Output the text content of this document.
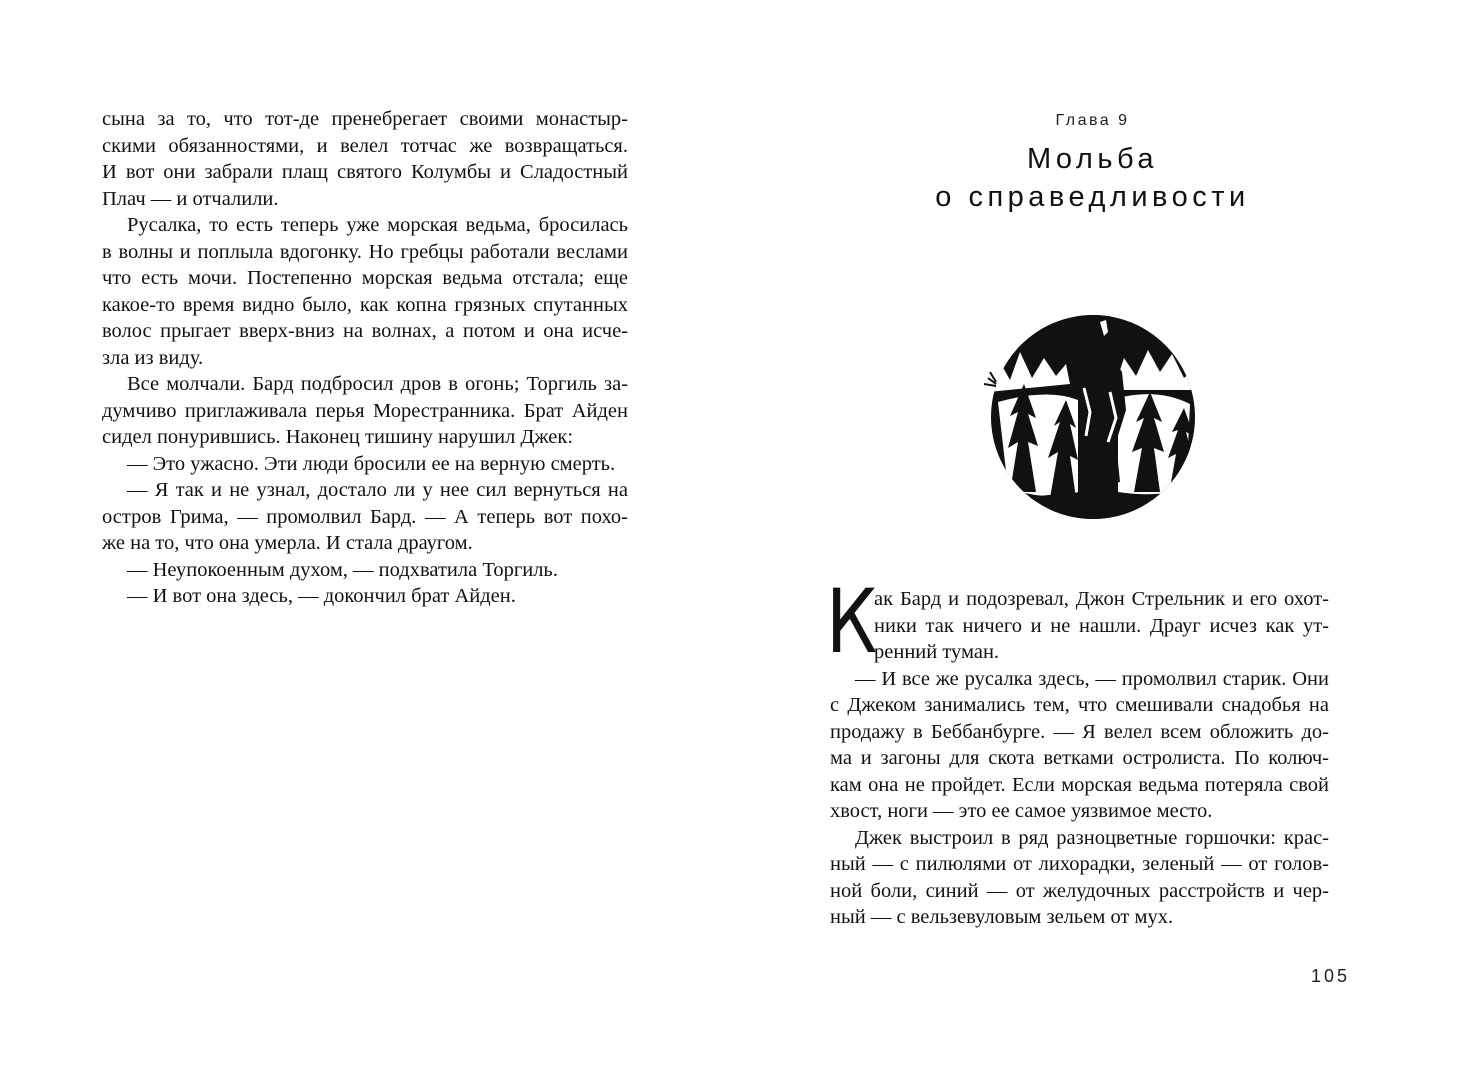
сына за то, что тот-де пренебрегает своими монастыр-
скими обязанностями, и велел тотчас же возвращаться.
И вот они забрали плащ святого Колумбы и Сладостный
Плач — и отчалили.
Русалка, то есть теперь уже морская ведьма, бросилась
в волны и поплыла вдогонку. Но гребцы работали веслами
что есть мочи. Постепенно морская ведьма отстала; еще
какое-то время видно было, как копна грязных спутанных
волос прыгает вверх-вниз на волнах, а потом и она исче-
зла из виду.
Все молчали. Бард подбросил дров в огонь; Торгиль за-
думчиво приглаживала перья Морестранника. Брат Айден
сидел понурившись. Наконец тишину нарушил Джек:
— Это ужасно. Эти люди бросили ее на верную смерть.
— Я так и не узнал, достало ли у нее сил вернуться на
остров Грима, — промолвил Бард. — А теперь вот похо-
же на то, что она умерла. И стала драугом.
— Неупокоенным духом, — подхватила Торгиль.
— И вот она здесь, — докончил брат Айден.
Глава 9
Мольба
о справедливости
К
ак Бард и подозревал, Джон Стрельник и его охот-
ники так ничего и не нашли. Драуг исчез как ут-
ренний туман.
— И все же русалка здесь, — промолвил старик. Они
с Джеком занимались тем, что смешивали снадобья на
продажу в Беббанбурге. — Я велел всем обложить до-
ма и загоны для скота ветками остролиста. По колюч-
кам она не пройдет. Если морская ведьма потеряла свой
хвост, ноги — это ее самое уязвимое место.
Джек выстроил в ряд разноцветные горшочки: крас-
ный — с пилюлями от лихорадки, зеленый — от голов-
ной боли, синий — от желудочных расстройств и чер-
ный — с вельзевуловым зельем от мух.
105
